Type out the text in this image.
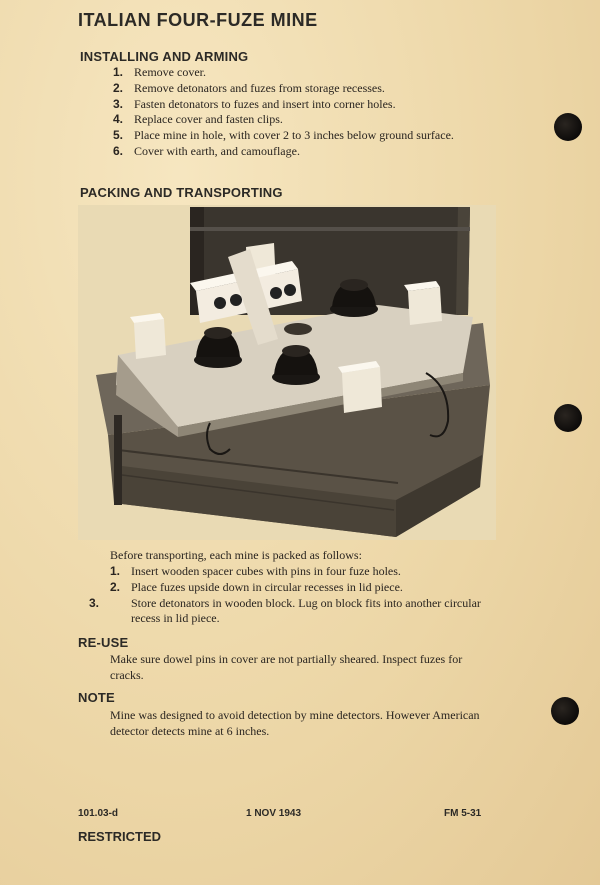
ITALIAN FOUR-FUZE MINE
INSTALLING AND ARMING
1. Remove cover.
2. Remove detonators and fuzes from storage recesses.
3. Fasten detonators to fuzes and insert into corner holes.
4. Replace cover and fasten clips.
5. Place mine in hole, with cover 2 to 3 inches below ground surface.
6. Cover with earth, and camouflage.
PACKING AND TRANSPORTING
Before transporting, each mine is packed as follows:
1. Insert wooden spacer cubes with pins in four fuze holes.
2. Place fuzes upside down in circular recesses in lid piece.
3.	Store detonators in wooden block. Lug on block fits into another circular recess in lid piece.
RE-USE
Make sure dowel pins in cover are not partially sheared. Inspect fuzes for cracks.
NOTE
Mine was designed to avoid detection by mine detectors. However American detector detects mine at 6 inches.
101.03-d	1 NOV 1943	FM 5-31
RESTRICTED
